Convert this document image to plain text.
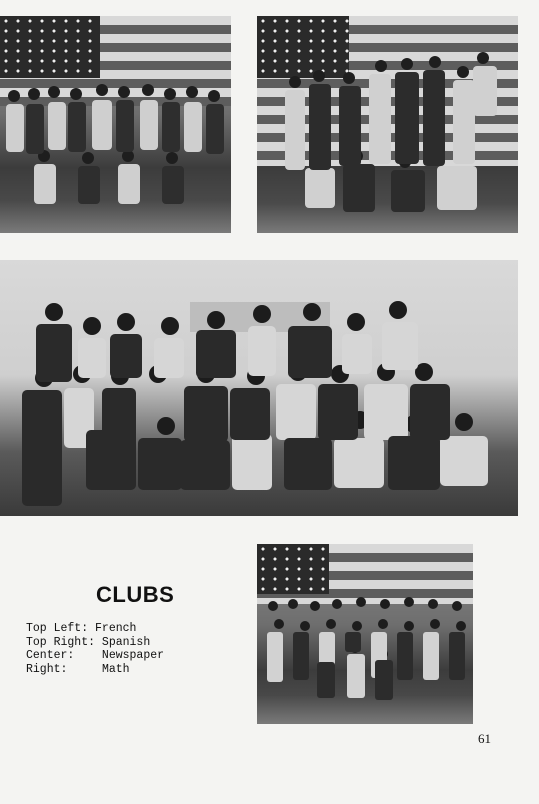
CLUBS
Top Left: French
Top Right: Spanish
Center: Newspaper
Right:	Math
61
